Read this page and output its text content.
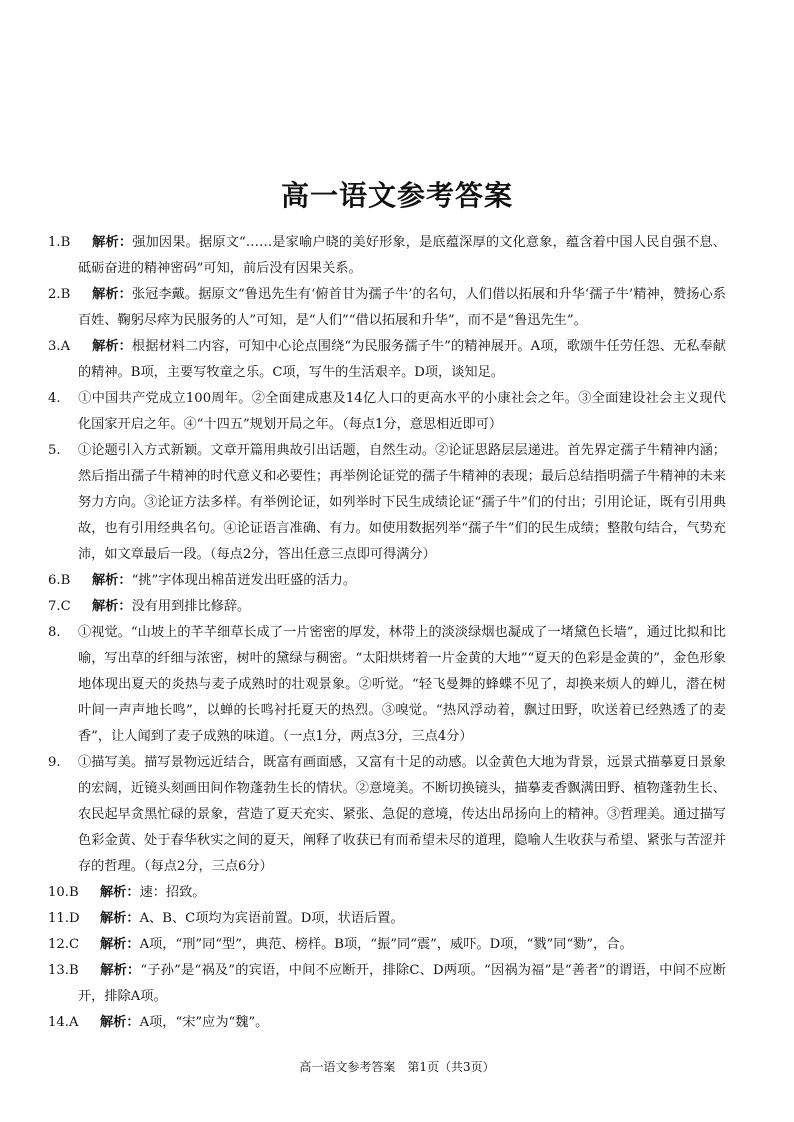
高一语文参考答案
1.B 解析：强加因果。据原文“……是家喻户晓的美好形象，是底蕴深厚的文化意象，蕴含着中国人民自强不息、砥砺奋进的精神密码”可知，前后没有因果关系。
2.B 解析：张冠李戴。据原文“鲁迅先生有‘俯首甘为孺子牛’的名句，人们借以拓展和升华‘孺子牛’精神，赞扬心系百姓、鞠躬尽瘁为民服务的人”可知，是“人们”“借以拓展和升华”，而不是“鲁迅先生”。
3.A 解析：根据材料二内容，可知中心论点围绕“为民服务孺子牛”的精神展开。A项，歌颂牛任劳任怨、无私奉献的精神。B项，主要写牧童之乐。C项，写牛的生活艰辛。D项，谈知足。
4. ①中国共产党成立100周年。②全面建成惠及14亿人口的更高水平的小康社会之年。③全面建设社会主义现代化国家开启之年。④“十四五”规划开局之年。（每点1分，意思相近即可）
5. ①论题引入方式新颖。文章开篇用典故引出话题，自然生动。②论证思路层层递进。首先界定孺子牛精神内涵；然后指出孺子牛精神的时代意义和必要性；再举例论证党的孺子牛精神的表现；最后总结指明孺子牛精神的未来努力方向。③论证方法多样。有举例论证，如列举时下民生成绩论证“孺子牛”们的付出；引用论证，既有引用典故，也有引用经典名句。④论证语言准确、有力。如使用数据列举“孺子牛”们的民生成绩；整散句结合，气势充沛，如文章最后一段。（每点2分，答出任意三点即可得满分）
6.B 解析：“挑”字体现出棉苗迸发出旺盛的活力。
7.C 解析：没有用到排比修辞。
8. ①视觉。“山坡上的芊芊细草长成了一片密密的厚发，林带上的淡淡绿烟也凝成了一堵黛色长墙”，通过比拟和比喻，写出草的纤细与浓密，树叶的黛绿与稠密。“太阳烘烤着一片金黄的大地”“夏天的色彩是金黄的”，金色形象地体现出夏天的炎热与麦子成熟时的壮观景象。②听觉。“轻飞曼舞的蜂蝶不见了，却换来烦人的蝉儿，潜在树叶间一声声地长鸣”，以蝉的长鸣衬托夏天的热烈。③嗅觉。“热风浮动着，飘过田野，吹送着已经熟透了的麦香”，让人闻到了麦子成熟的味道。（一点1分，两点3分，三点4分）
9. ①描写美。描写景物远近结合，既富有画面感，又富有十足的动感。以金黄色大地为背景，远景式描摹夏日景象的宏阔，近镜头刻画田间作物蓬勃生长的情状。②意境美。不断切换镜头，描摹麦香飘满田野、植物蓬勃生长、农民起早贪黑忙碌的景象，营造了夏天充实、紧张、急促的意境，传达出昂扬向上的精神。③哲理美。通过描写色彩金黄、处于春华秋实之间的夏天，阐释了收获已有而希望未尽的道理，隐喻人生收获与希望、紧张与苦涩并存的哲理。（每点2分，三点6分）
10.B 解析：速：招致。
11.D 解析：A、B、C项均为宾语前置。D项，状语后置。
12.C 解析：A项，“刑”同“型”，典范、榜样。B项，“振”同“震”，威吓。D项，“戮”同“勠”，合。
13.B 解析：“子孙”是“祸及”的宾语，中间不应断开，排除C、D两项。“因祸为福”是“善者”的谓语，中间不应断开，排除A项。
14.A 解析：A项，“宋”应为“魏”。
高一语文参考答案　第1页（共3页）
